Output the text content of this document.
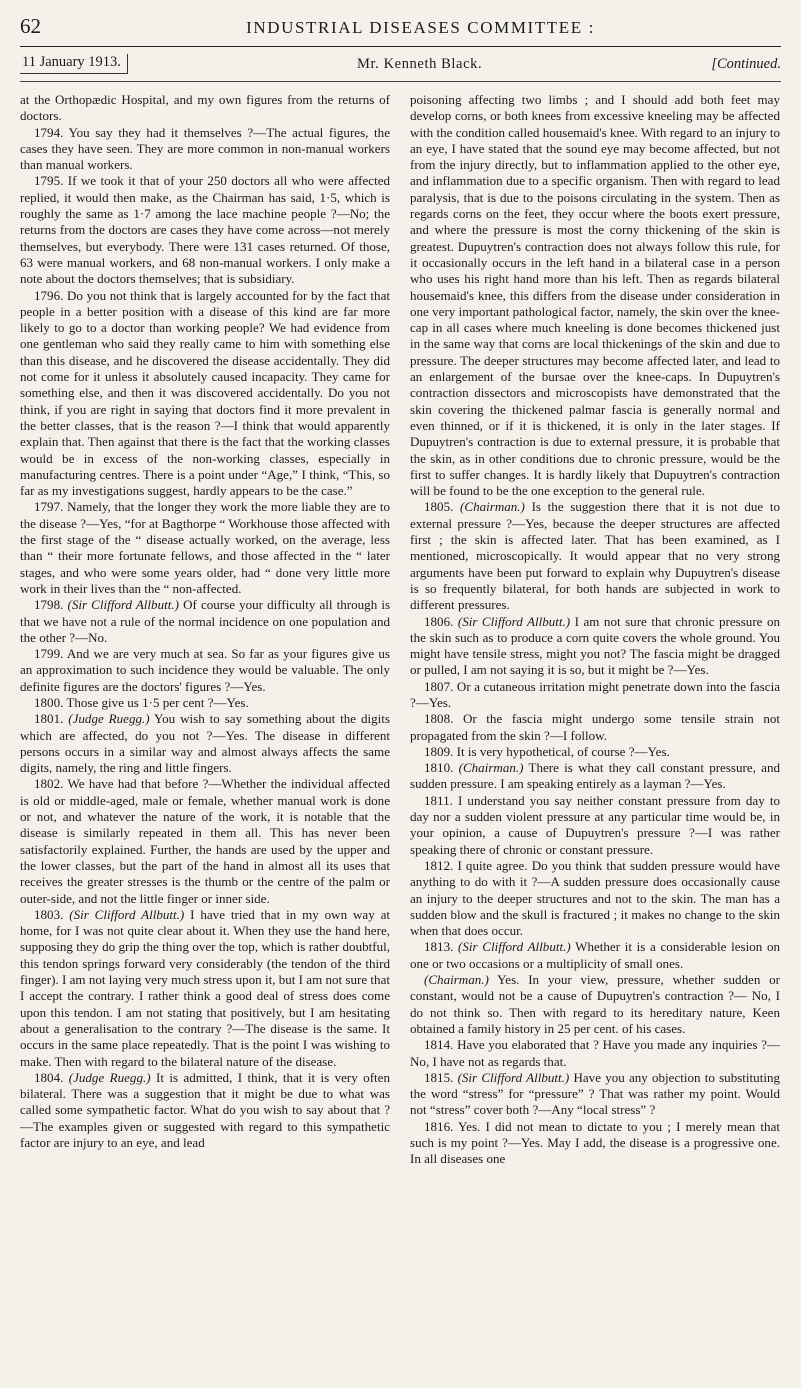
62	INDUSTRIAL DISEASES COMMITTEE :
11 January 1913.	Mr. Kenneth Black.	[Continued.

at the Orthopædic Hospital, and my own figures from the returns of doctors.

1794. You say they had it themselves ?—The actual figures, the cases they have seen. They are more common in non-manual workers than manual workers.

1795. If we took it that of your 250 doctors all who were affected replied, it would then make, as the Chairman has said, 1·5, which is roughly the same as 1·7 among the lace machine people ?—No; the returns from the doctors are cases they have come across—not merely themselves, but everybody. There were 131 cases returned. Of those, 63 were manual workers, and 68 non-manual workers. I only make a note about the doctors themselves; that is subsidiary.

1796. Do you not think that is largely accounted for by the fact that people in a better position with a disease of this kind are far more likely to go to a doctor than working people? We had evidence from one gentleman who said they really came to him with something else than this disease, and he discovered the disease accidentally. They did not come for it unless it absolutely caused incapacity. They came for something else, and then it was discovered accidentally. Do you not think, if you are right in saying that doctors find it more prevalent in the better classes, that is the reason ?—I think that would apparently explain that. Then against that there is the fact that the working classes would be in excess of the non-working classes, especially in manufacturing centres. There is a point under “Age,” I think, “This, so far as my investigations suggest, hardly appears to be the case.”

1797. Namely, that the longer they work the more liable they are to the disease ?—Yes, “for at Bagthorpe “ Workhouse those affected with the first stage of the “ disease actually worked, on the average, less than “ their more fortunate fellows, and those affected in the “ later stages, and who were some years older, had “ done very little more work in their lives than the “ non-affected.

1798. (Sir Clifford Allbutt.) Of course your difficulty all through is that we have not a rule of the normal incidence on one population and the other ?—No.

1799. And we are very much at sea. So far as your figures give us an approximation to such incidence they would be valuable. The only definite figures are the doctors' figures ?—Yes.

1800. Those give us 1·5 per cent ?—Yes.

1801. (Judge Ruegg.) You wish to say something about the digits which are affected, do you not ?—Yes. The disease in different persons occurs in a similar way and almost always affects the same digits, namely, the ring and little fingers.

1802. We have had that before ?—Whether the individual affected is old or middle-aged, male or female, whether manual work is done or not, and whatever the nature of the work, it is notable that the disease is similarly repeated in them all. This has never been satisfactorily explained. Further, the hands are used by the upper and the lower classes, but the part of the hand in almost all its uses that receives the greater stresses is the thumb or the centre of the palm or outer-side, and not the little finger or inner side.

1803. (Sir Clifford Allbutt.) I have tried that in my own way at home, for I was not quite clear about it. When they use the hand here, supposing they do grip the thing over the top, which is rather doubtful, this tendon springs forward very considerably (the tendon of the third finger). I am not laying very much stress upon it, but I am not sure that I accept the contrary. I rather think a good deal of stress does come upon this tendon. I am not stating that positively, but I am hesitating about a generalisation to the contrary ?—The disease is the same. It occurs in the same place repeatedly. That is the point I was wishing to make. Then with regard to the bilateral nature of the disease.

1804. (Judge Ruegg.) It is admitted, I think, that it is very often bilateral. There was a suggestion that it might be due to what was called some sympathetic factor. What do you wish to say about that ?—The examples given or suggested with regard to this sympathetic factor are injury to an eye, and lead

poisoning affecting two limbs ; and I should add both feet may develop corns, or both knees from excessive kneeling may be affected with the condition called housemaid's knee. With regard to an injury to an eye, I have stated that the sound eye may become affected, but not from the injury directly, but to inflammation applied to the other eye, and inflammation due to a specific organism. Then with regard to lead paralysis, that is due to the poisons circulating in the system. Then as regards corns on the feet, they occur where the boots exert pressure, and where the pressure is most the corny thickening of the skin is greatest. Dupuytren's contraction does not always follow this rule, for it occasionally occurs in the left hand in a bilateral case in a person who uses his right hand more than his left. Then as regards bilateral housemaid's knee, this differs from the disease under consideration in one very important pathological factor, namely, the skin over the knee-cap in all cases where much kneeling is done becomes thickened just in the same way that corns are local thickenings of the skin and due to pressure. The deeper structures may become affected later, and lead to an enlargement of the bursae over the knee-caps. In Dupuytren's contraction dissectors and microscopists have demonstrated that the skin covering the thickened palmar fascia is generally normal and even thinned, or if it is thickened, it is only in the later stages. If Dupuytren's contraction is due to external pressure, it is probable that the skin, as in other conditions due to chronic pressure, would be the first to suffer changes. It is hardly likely that Dupuytren's contraction will be found to be the one exception to the general rule.

1805. (Chairman.) Is the suggestion there that it is not due to external pressure ?—Yes, because the deeper structures are affected first ; the skin is affected later. That has been examined, as I mentioned, microscopically. It would appear that no very strong arguments have been put forward to explain why Dupuytren's disease is so frequently bilateral, for both hands are subjected in work to different pressures.

1806. (Sir Clifford Allbutt.) I am not sure that chronic pressure on the skin such as to produce a corn quite covers the whole ground. You might have tensile stress, might you not? The fascia might be dragged or pulled, I am not saying it is so, but it might be ?—Yes.

1807. Or a cutaneous irritation might penetrate down into the fascia ?—Yes.

1808. Or the fascia might undergo some tensile strain not propagated from the skin ?—I follow.

1809. It is very hypothetical, of course ?—Yes.

1810. (Chairman.) There is what they call constant pressure, and sudden pressure. I am speaking entirely as a layman ?—Yes.

1811. I understand you say neither constant pressure from day to day nor a sudden violent pressure at any particular time would be, in your opinion, a cause of Dupuytren's pressure ?—I was rather speaking there of chronic or constant pressure.

1812. I quite agree. Do you think that sudden pressure would have anything to do with it ?—A sudden pressure does occasionally cause an injury to the deeper structures and not to the skin. The man has a sudden blow and the skull is fractured ; it makes no change to the skin when that does occur.

1813. (Sir Clifford Allbutt.) Whether it is a considerable lesion on one or two occasions or a multiplicity of small ones.

(Chairman.) Yes. In your view, pressure, whether sudden or constant, would not be a cause of Dupuytren's contraction ?— No, I do not think so. Then with regard to its hereditary nature, Keen obtained a family history in 25 per cent. of his cases.

1814. Have you elaborated that ? Have you made any inquiries ?—No, I have not as regards that.

1815. (Sir Clifford Allbutt.) Have you any objection to substituting the word “stress” for “pressure” ? That was rather my point. Would not “stress” cover both ?—Any “local stress” ?

1816. Yes. I did not mean to dictate to you ; I merely mean that such is my point ?—Yes. May I add, the disease is a progressive one. In all diseases one
